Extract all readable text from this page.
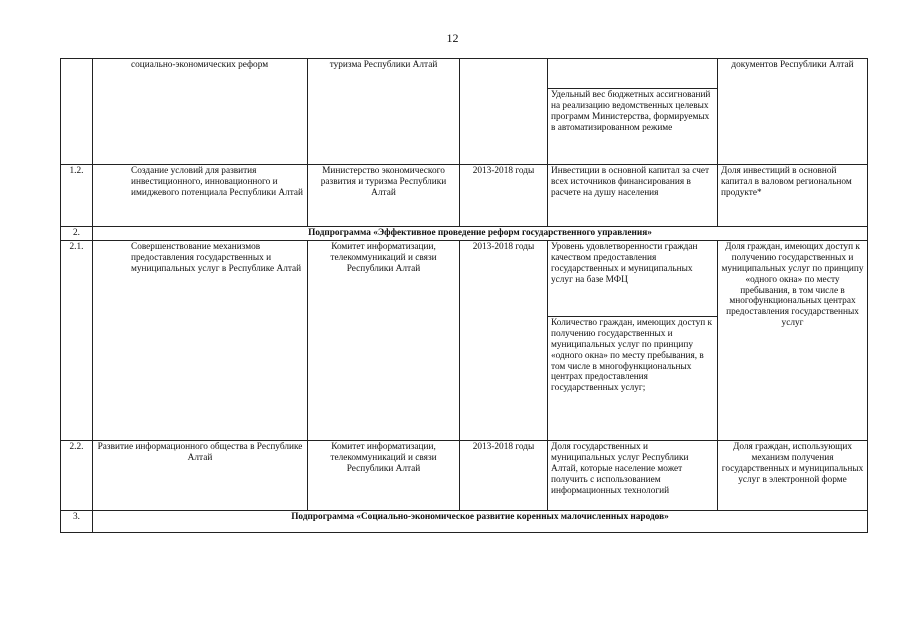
12
	социально-экономических реформ	туризма Республики Алтай			документов Республики Алтай
				Удельный вес бюджетных ассигнований на реализацию ведомственных целевых программ Министерства, формируемых в автоматизированном режиме	
1.2.	Создание условий для развития инвестиционного, инновационного и имиджевого потенциала Республики Алтай	Министерство экономического развития и туризма Республики Алтай	2013-2018 годы	Инвестиции в основной капитал за счет всех источников финансирования в расчете на душу населения	Доля инвестиций в основной капитал в валовом региональном продукте*
2.	Подпрограмма «Эффективное проведение реформ государственного управления»				
2.1.	Совершенствование механизмов предоставления государственных и муниципальных услуг в Республике Алтай	Комитет информатизации, телекоммуникаций и связи Республики Алтай	2013-2018 годы	Уровень удовлетворенности граждан качеством предоставления государственных и муниципальных услуг на базе МФЦ	Доля граждан, имеющих доступ к получению государственных и муниципальных услуг по принципу «одного окна» по месту пребывания, в том числе в многофункциональных центрах предоставления государственных услуг
				Количество граждан, имеющих доступ к получению государственных и муниципальных услуг по принципу «одного окна» по месту пребывания, в том числе в многофункциональных центрах предоставления государственных услуг;	
2.2.	Развитие информационного общества в Республике Алтай	Комитет информатизации, телекоммуникаций и связи Республики Алтай	2013-2018 годы	Доля государственных и муниципальных услуг Республики Алтай, которые население может получить с использованием информационных технологий	Доля граждан, использующих механизм получения государственных и муниципальных услуг в электронной форме
3.	Подпрограмма «Социально-экономическое развитие коренных малочисленных народов»				
